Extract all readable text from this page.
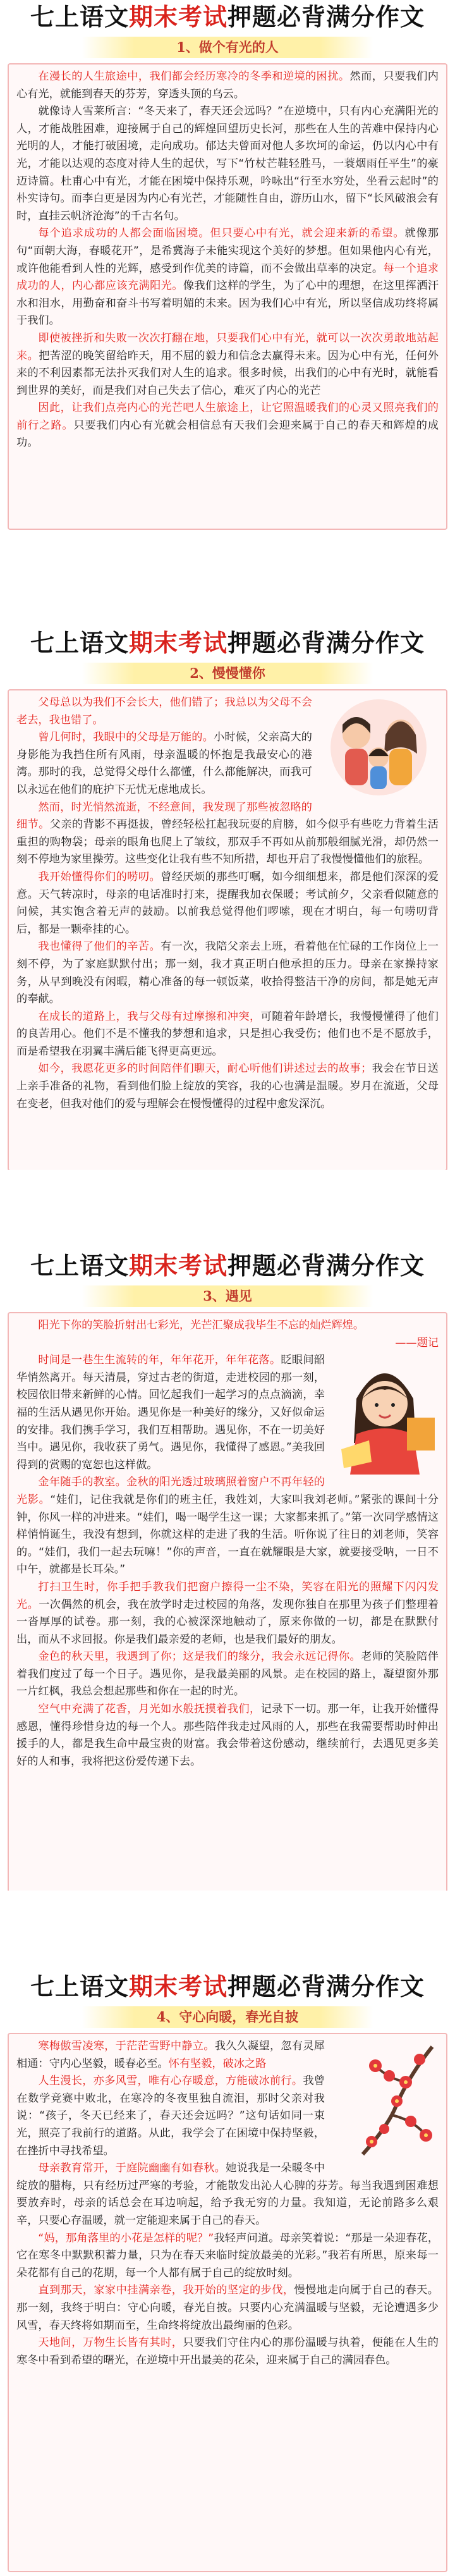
七上语文期末考试押题必背满分作文
1、做个有光的人

在漫长的人生旅途中，我们都会经历寒冷的冬季和逆境的困扰。然而，只要我们内心有光，就能到春天的芬芳，穿透头顶的乌云。

就像诗人雪莱所言：“冬天来了，春天还会远吗？”在逆境中，只有内心充满阳光的人，才能战胜困难，迎接属于自己的辉煌回望历史长河，那些在人生的苦难中保持内心光明的人，才能打破困境，走向成功。郁达夫曾面对他人多坎坷的命运，仍以内心中有光，才能以达观的态度对待人生的起伏，写下“竹杖芒鞋轻胜马，一蓑烟雨任平生”的豪迈诗篇。杜甫心中有光，才能在困境中保持乐观，吟咏出“行至水穷处，坐看云起时”的朴实诗句。而李白更是因为内心有光芒，才能随性自由，游历山水，留下“长风破浪会有时，直挂云帆济沧海”的千古名句。

每个追求成功的人都会面临困境。但只要心中有光，就会迎来新的希望。就像那句“面朝大海，春暖花开”，是希冀海子未能实现这个美好的梦想。但如果他内心有光，或许他能看到人性的光辉，感受到作优美的诗篇，而不会做出草率的决定。每一个追求成功的人，内心都应该充满阳光。像我们这样的学生，为了心中的理想，在这里挥洒汗水和泪水，用勤奋和奋斗书写着明媚的未来。因为我们心中有光，所以坚信成功终将属于我们。

即使被挫折和失败一次次打翻在地，只要我们心中有光，就可以一次次勇敢地站起来。把苦涩的晚笑留给昨天，用不屈的毅力和信念去赢得未来。因为心中有光，任何外来的不利因素都无法扑灭我们对人生的追求。很多时候，出我们的心中有光时，就能看到世界的美好，而是我们对自己失去了信心，难灭了内心的光芒

因此，让我们点亮内心的光芒吧人生旅途上，让它照温暖我们的心灵又照亮我们的前行之路。只要我们内心有光就会相信总有天我们会迎来属于自己的春天和辉煌的成功。

七上语文期末考试押题必背满分作文
2、慢慢懂你

父母总以为我们不会长大，他们错了；我总以为父母不会老去，我也错了。

曾几何时，我眼中的父母是万能的。小时候，父亲高大的身影能为我挡住所有风雨，母亲温暖的怀抱是我最安心的港湾。那时的我，总觉得父母什么都懂，什么都能解决，而我可以永远在他们的庇护下无忧无虑地成长。

然而，时光悄然流逝，不经意间，我发现了那些被忽略的细节。父亲的背影不再挺拔，曾经轻松扛起我玩耍的肩膀，如今似乎有些吃力背着生活重担的购物袋；母亲的眼角也爬上了皱纹，那双手不再如从前那般细腻光滑，却仍然一刻不停地为家里操劳。这些变化让我有些不知所措，却也开启了我慢慢懂他们的旅程。

我开始懂得你们的唠叨。曾经厌烦的那些叮嘱，如今细细想来，都是他们深深的爱意。天气转凉时，母亲的电话准时打来，提醒我加衣保暖；考试前夕，父亲看似随意的问候，其实饱含着无声的鼓励。以前我总觉得他们啰嗦，现在才明白，每一句唠叨背后，都是一颗牵挂的心。

我也懂得了他们的辛苦。有一次，我陪父亲去上班，看着他在忙碌的工作岗位上一刻不停，为了家庭默默付出；那一刻，我才真正明白他承担的压力。母亲在家操持家务，从早到晚没有闲暇，精心准备的每一顿饭菜，收拾得整洁干净的房间，都是她无声的奉献。

在成长的道路上，我与父母有过摩擦和冲突，可随着年龄增长，我慢慢懂得了他们的良苦用心。他们不是不懂我的梦想和追求，只是担心我受伤；他们也不是不愿放手，而是希望我在羽翼丰满后能飞得更高更远。

如今，我愿花更多的时间陪伴们聊天，耐心听他们讲述过去的故事；我会在节日送上亲手准备的礼物，看到他们脸上绽放的笑容，我的心也满是温暖。岁月在流逝，父母在变老，但我对他们的爱与理解会在慢慢懂得的过程中愈发深沉。

七上语文期末考试押题必背满分作文
3、遇见

阳光下你的笑脸折射出七彩光，光芒汇聚成我毕生不忘的灿烂辉煌。

——题记

时间是一巷生生流转的年，年年花开，年年花落。眨眼间韶华悄然离开。每天清晨，穿过古老的街道，走进校园的那一刻，校园依旧带来新鲜的心情。回忆起我们一起学习的点点滴滴，幸福的生活从遇见你开始。遇见你是一种美好的缘分，又好似命运的安排。我们携手学习，我们互相帮助。遇见你，不在一切美好当中。遇见你，我收获了勇气。遇见你，我懂得了感恩。”美我回得到的赏赐的宽恕也这样做。

金年随手的教室。金秋的阳光透过玻璃照着窗户不再年轻的光影。“娃们，记住我就是你们的班主任，我姓刘，大家叫我刘老师。”紧张的课间十分钟，你风一样的冲进来。“娃们，喝一喝学生这一课；大家都来抓了。”第一次同学感情这样悄悄诞生，我没有想到，你就这样的走进了我的生活。听你说了往日的刘老师，笑容的。“娃们，我们一起去玩嘛！”你的声音，一直在就耀眼是大家，就要接受呐，一日不中午，就都是长耳朵。”

打扫卫生时，你手把手教我们把窗户擦得一尘不染，笑容在阳光的照耀下闪闪发光。一次偶然的机会，我在放学时走过校园的角落，发现你独自在那里为孩子们整理着一沓厚厚的试卷。那一刻，我的心被深深地触动了，原来你做的一切，都是在默默付出，而从不求回报。你是我们最亲爱的老师，也是我们最好的朋友。

金色的秋天里，我遇到了你；这是我们的缘分，我会永远记得你。老师的笑脸陪伴着我们度过了每一个日子。遇见你，是我最美丽的风景。走在校园的路上，凝望窗外那一片红枫，我总会想起那些和你在一起的时光。

空气中充满了花香，月光如水般抚摸着我们，记录下一切。那一年，让我开始懂得感恩，懂得珍惜身边的每一个人。那些陪伴我走过风雨的人，那些在我需要帮助时伸出援手的人，都是我生命中最宝贵的财富。我会带着这份感动，继续前行，去遇见更多美好的人和事，我将把这份爱传递下去。

七上语文期末考试押题必背满分作文
4、守心向暖，春光自披

寒梅傲雪凌寒，于茫茫雪野中静立。我久久凝望，忽有灵犀相通：守内心坚毅，暖春必至。怀有坚毅，破冰之路

人生漫长，亦多风雪，唯有心存暖意，方能破冰前行。我曾在数学竞赛中败北，在寒冷的冬夜里独自流泪，那时父亲对我说：“孩子，冬天已经来了，春天还会远吗？”这句话如同一束光，照亮了我前行的道路。从此，我学会了在困境中保持坚毅，在挫折中寻找希望。

母亲教育常开，于庭院幽幽有如春秋。她说我是一朵暖冬中绽放的腊梅，只有经历过严寒的考验，才能散发出沁人心脾的芬芳。每当我遇到困难想要放弃时，母亲的话总会在耳边响起，给予我无穷的力量。我知道，无论前路多么艰辛，只要心存温暖，就一定能迎来属于自己的春天。

“妈，那角落里的小花是怎样的呢？”我轻声问道。母亲笑着说：“那是一朵迎春花，它在寒冬中默默积蓄力量，只为在春天来临时绽放最美的光彩。”我若有所思，原来每一朵花都有自己的花期，每一个人都有属于自己的绽放时刻。

直到那天，家家中挂满亲卷，我开始的坚定的步伐，慢慢地走向属于自己的春天。那一刻，我终于明白：守心向暖，春光自披。只要内心充满温暖与坚毅，无论遭遇多少风雪，春天终将如期而至，生命终将绽放出最绚丽的色彩。

天地间，万物生长皆有其时，只要我们守住内心的那份温暖与执着，便能在人生的寒冬中看到希望的曙光，在逆境中开出最美的花朵，迎来属于自己的满园春色。
